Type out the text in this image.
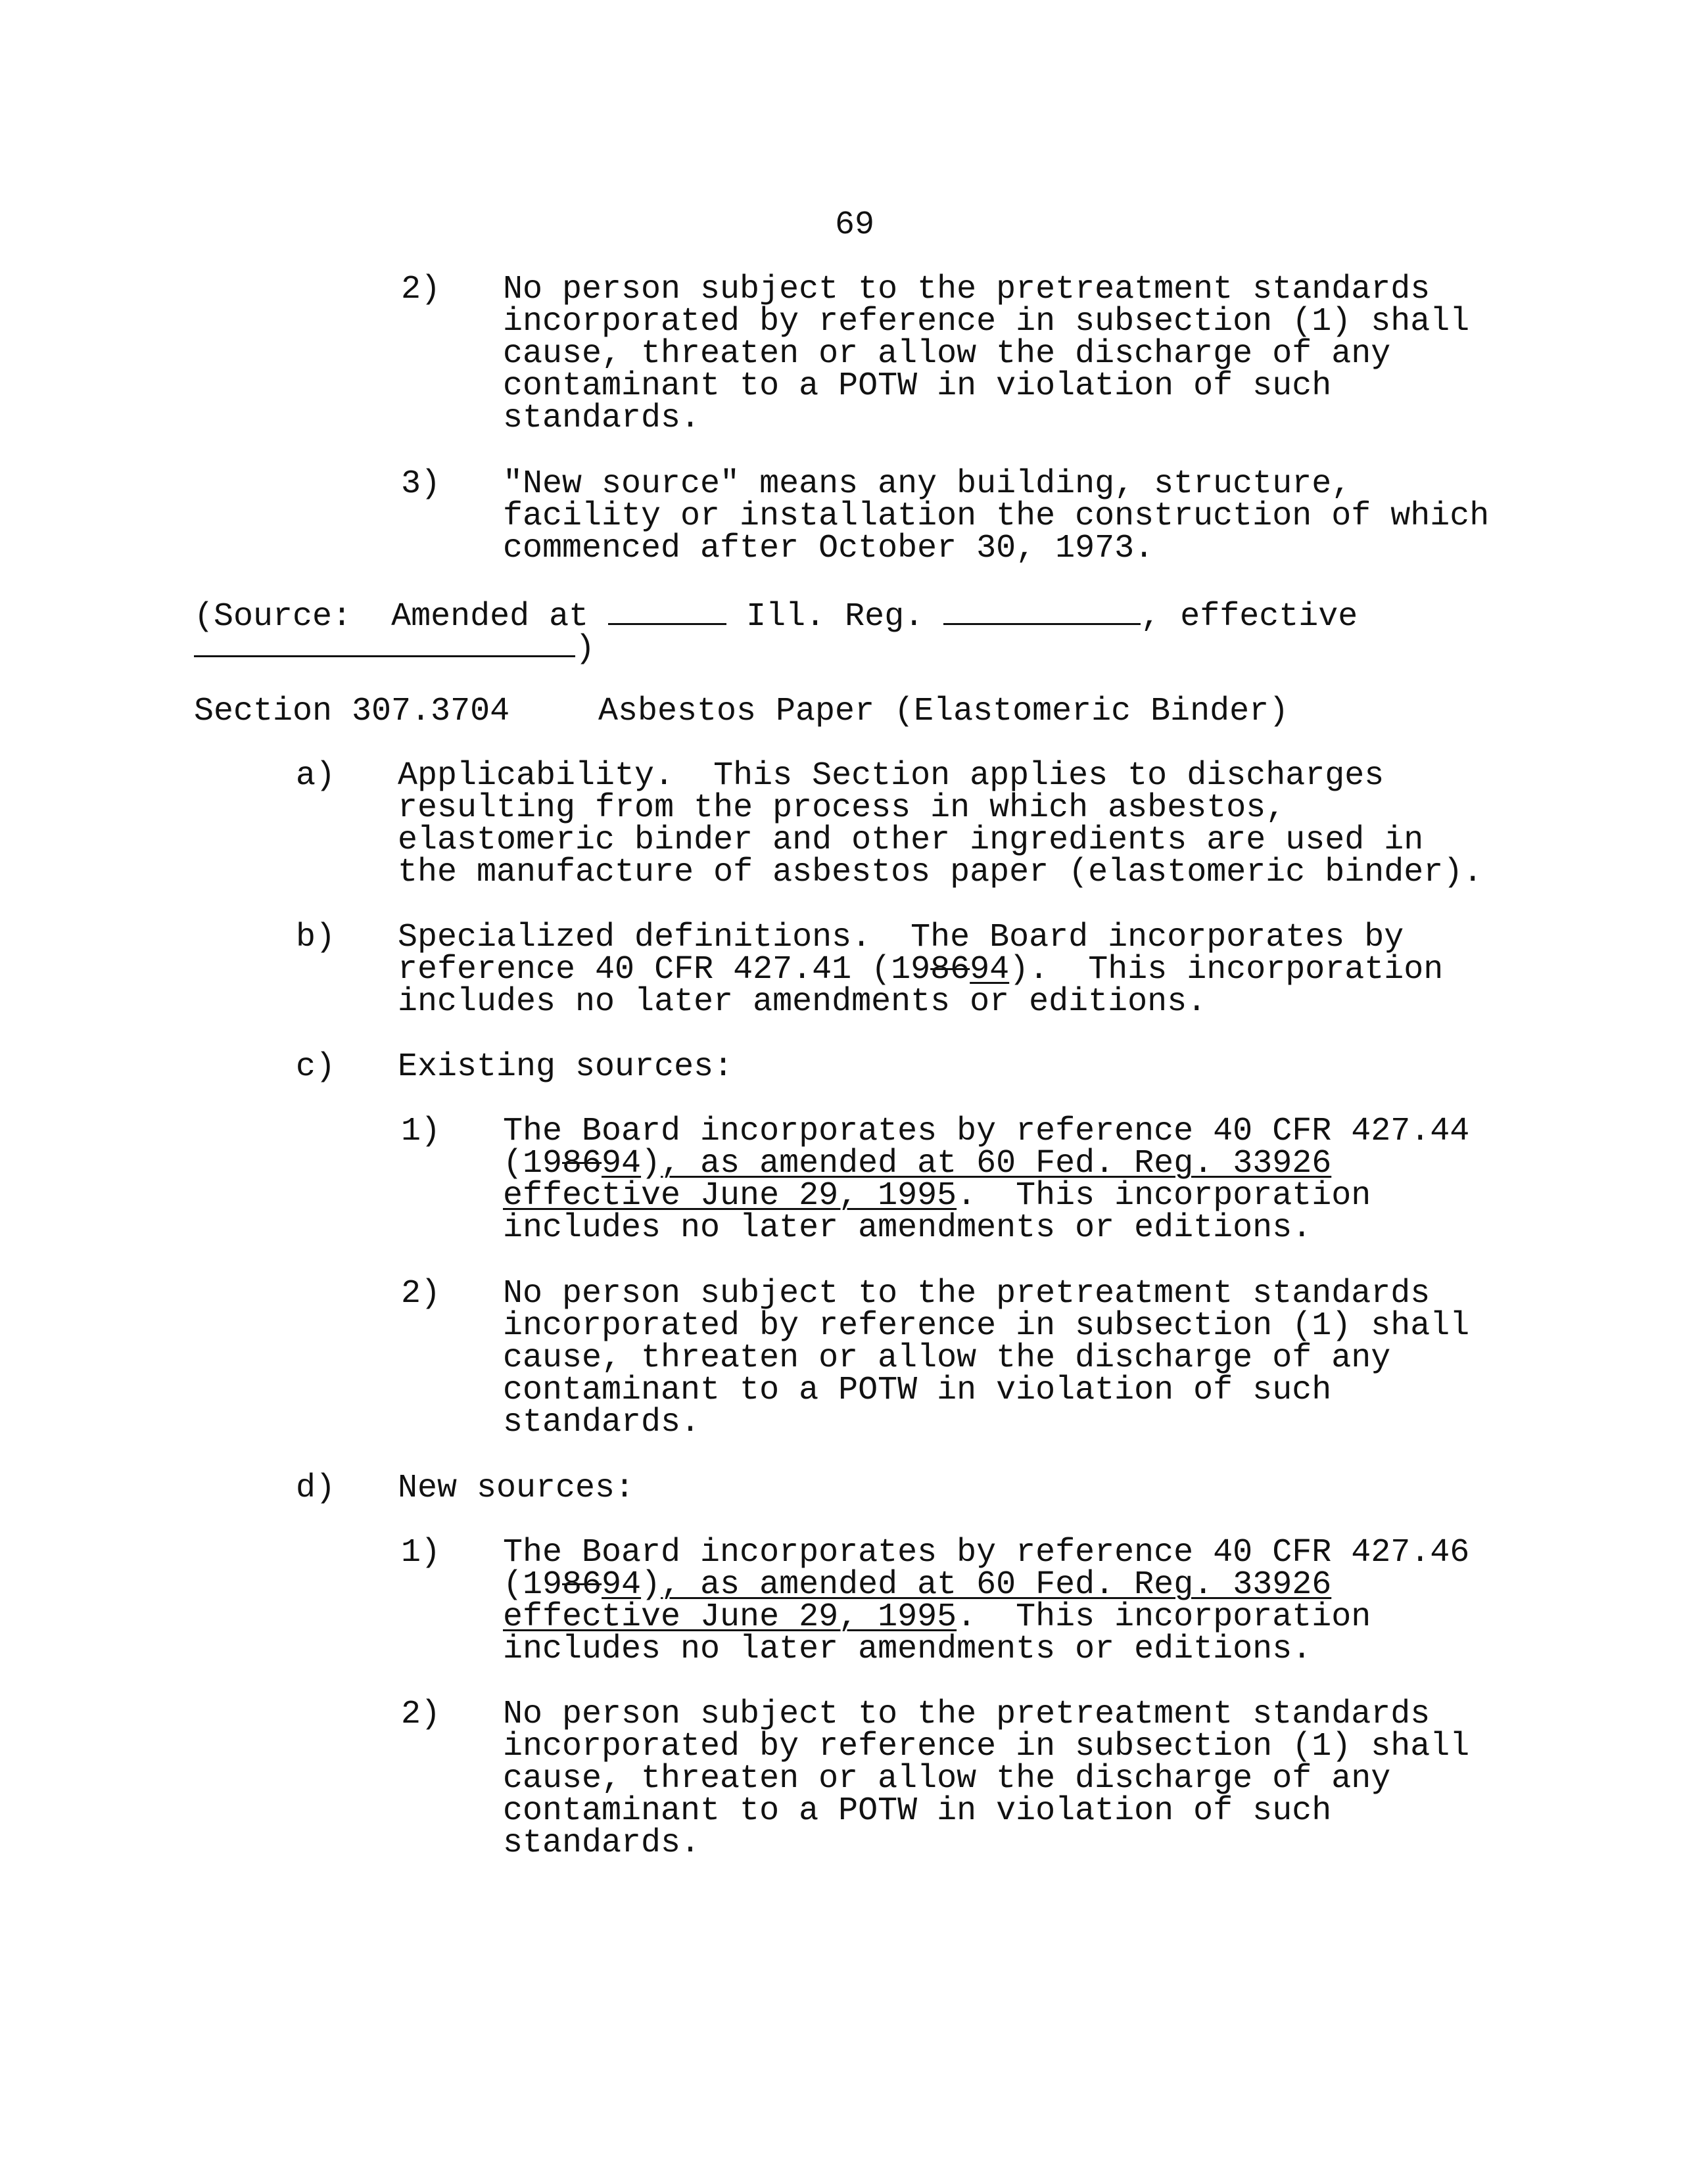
69
2) No person subject to the pretreatment standards
incorporated by reference in subsection (1) shall
cause, threaten or allow the discharge of any
contaminant to a POTW in violation of such
standards.
3) "New source" means any building, structure,
facility or installation the construction of which
commenced after October 30, 1973.
(Source: Amended at	Ill. Reg.	, effective
)
Section 307.3704	Asbestos Paper (Elastomeric Binder)
a) Applicability.  This Section applies to discharges
resulting from the process in which asbestos,
elastomeric binder and other ingredients are used in
the manufacture of asbestos paper (elastomeric binder).
b) Specialized definitions.  The Board incorporates by
reference 40 CFR 427.41 (198694).  This incorporation
includes no later amendments or editions.
c) Existing sources:
1) The Board incorporates by reference 40 CFR 427.44
(198694), as amended at 60 Fed. Reg. 33926
effective June 29, 1995.  This incorporation
includes no later amendments or editions.
2) No person subject to the pretreatment standards
incorporated by reference in subsection (1) shall
cause, threaten or allow the discharge of any
contaminant to a POTW in violation of such
standards.
d) New sources:
1) The Board incorporates by reference 40 CFR 427.46
(198694), as amended at 60 Fed. Reg. 33926
effective June 29, 1995.  This incorporation
includes no later amendments or editions.
2) No person subject to the pretreatment standards
incorporated by reference in subsection (1) shall
cause, threaten or allow the discharge of any
contaminant to a POTW in violation of such
standards.
